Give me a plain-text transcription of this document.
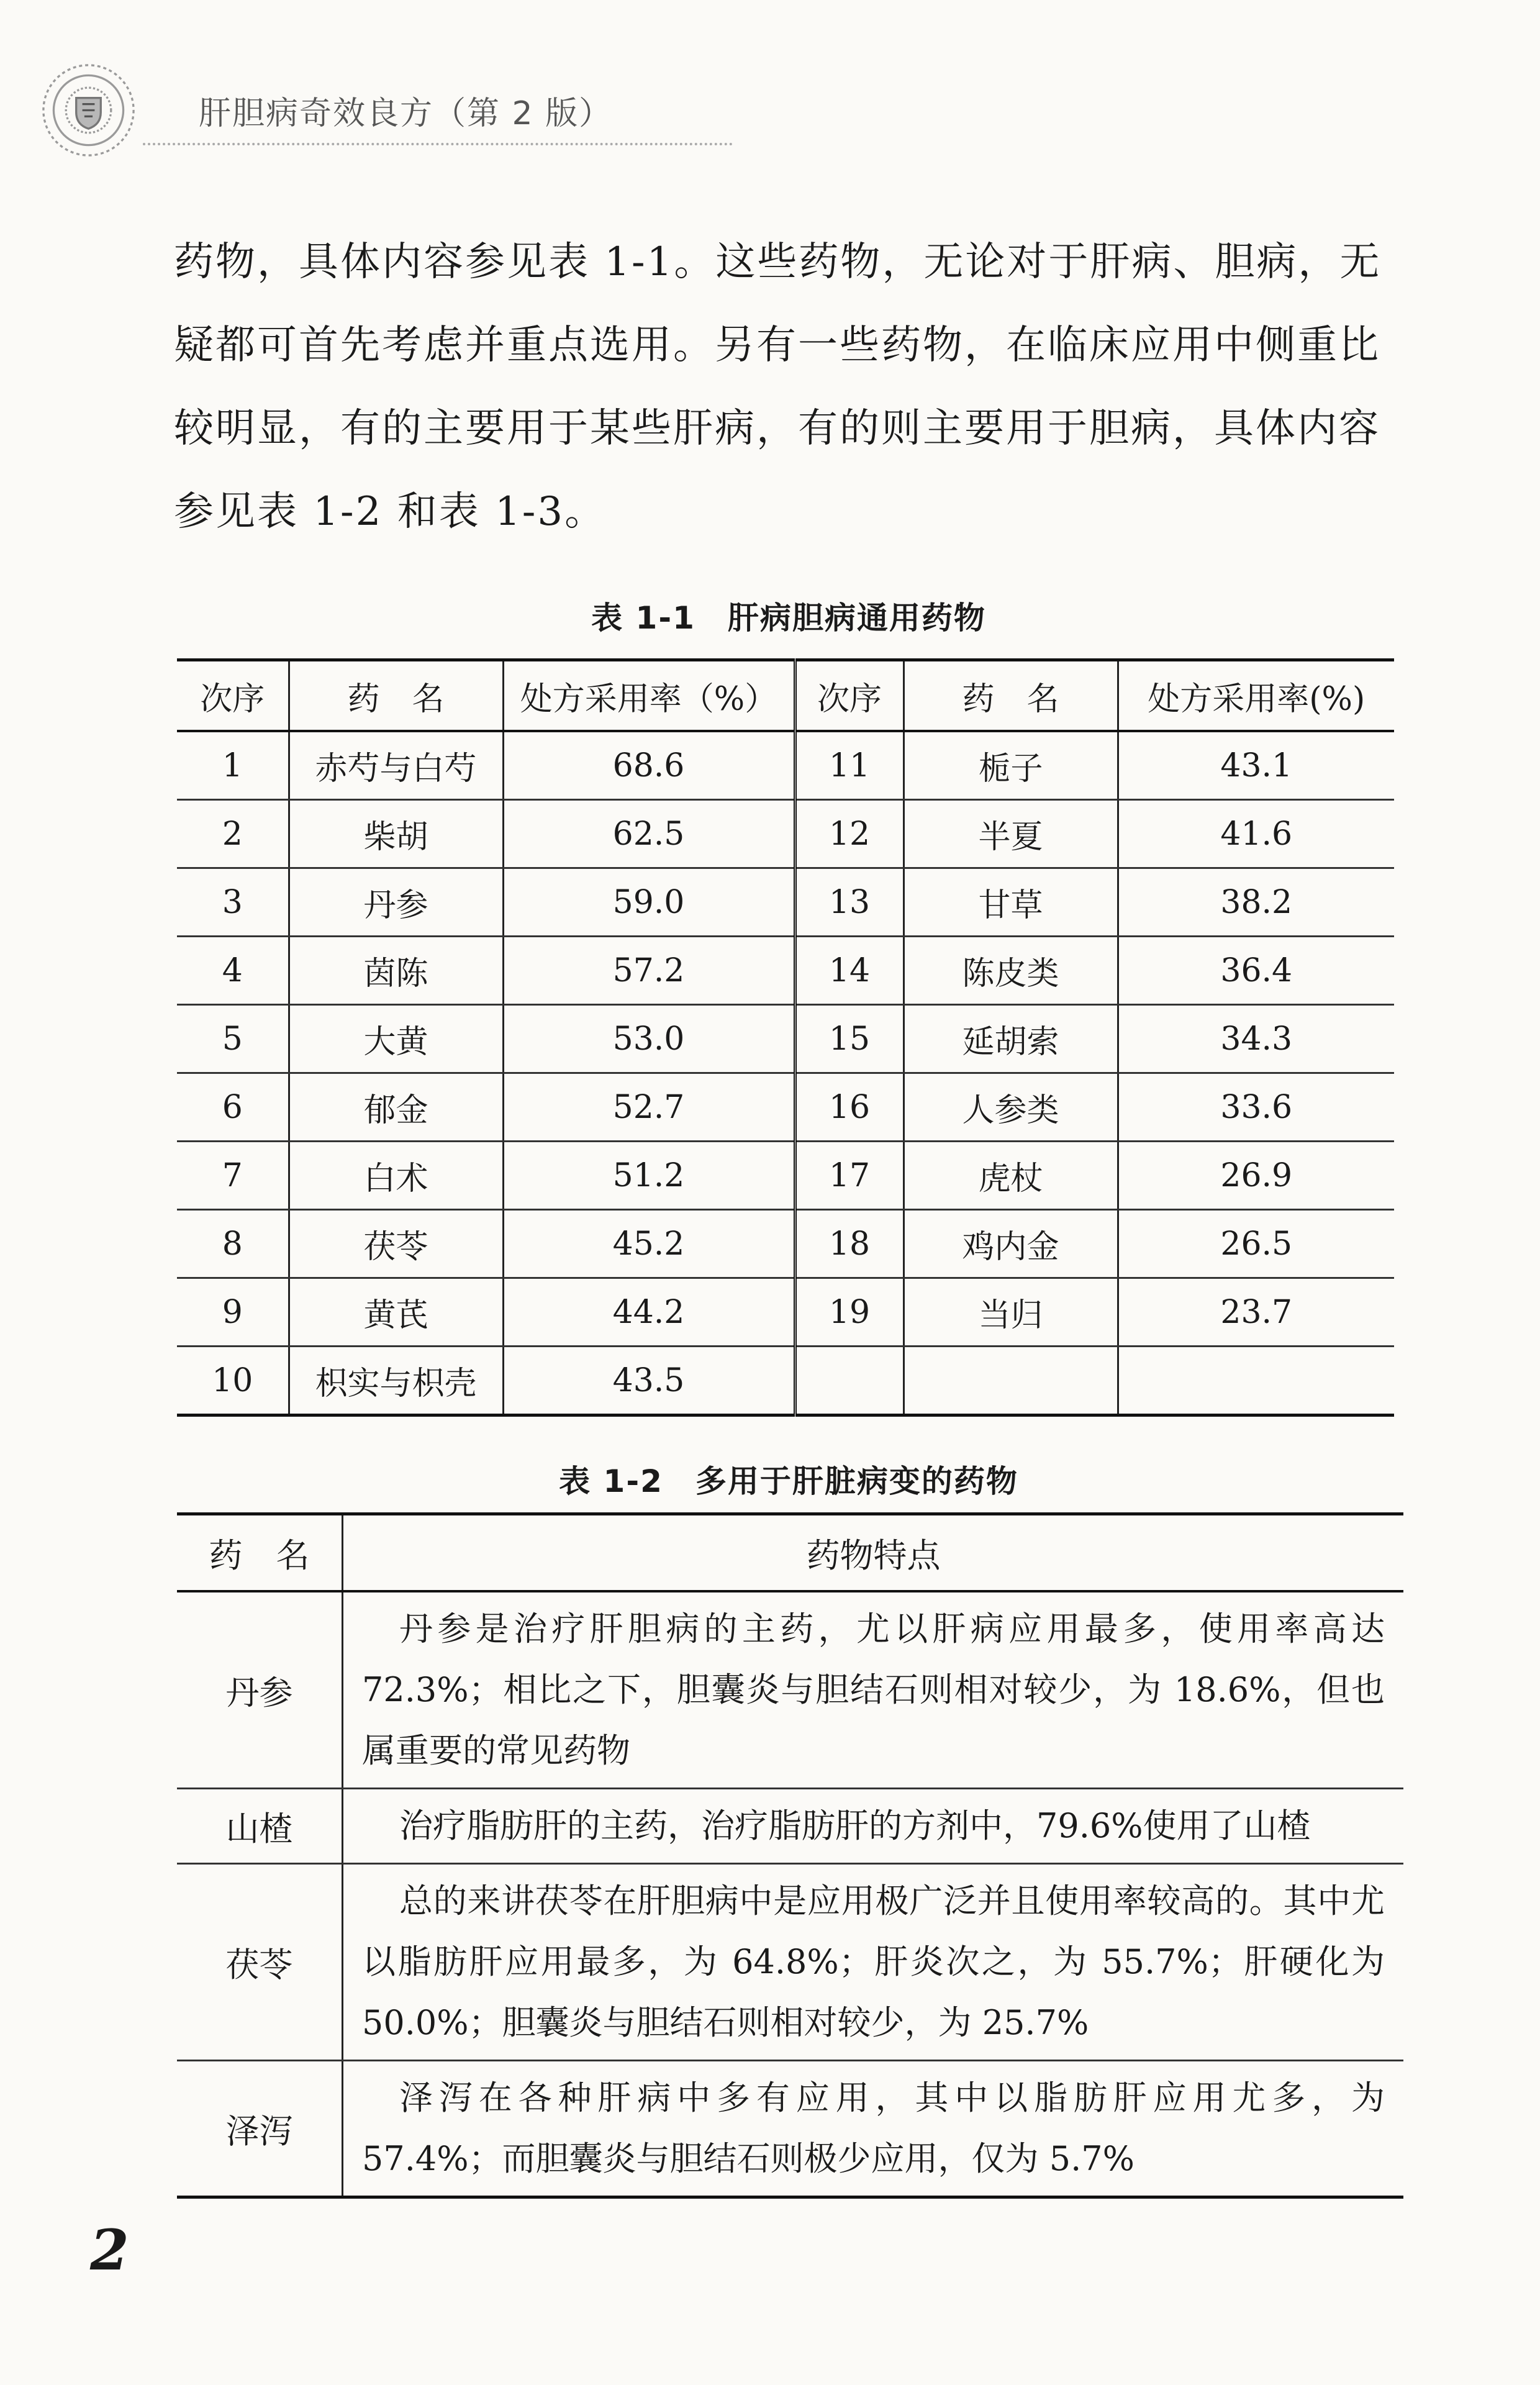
肝胆病奇效良方（第 2 版）

药物，具体内容参见表 1-1。这些药物，无论对于肝病、胆病，无疑都可首先考虑并重点选用。另有一些药物，在临床应用中侧重比较明显，有的主要用于某些肝病，有的则主要用于胆病，具体内容参见表 1-2 和表 1-3。

表 1-1　肝病胆病通用药物
次序	药　名	处方采用率（%）	次序	药　名	处方采用率(%)
1	赤芍与白芍	68.6	11	栀子	43.1
2	柴胡	62.5	12	半夏	41.6
3	丹参	59.0	13	甘草	38.2
4	茵陈	57.2	14	陈皮类	36.4
5	大黄	53.0	15	延胡索	34.3
6	郁金	52.7	16	人参类	33.6
7	白术	51.2	17	虎杖	26.9
8	茯苓	45.2	18	鸡内金	26.5
9	黄芪	44.2	19	当归	23.7
10	枳实与枳壳	43.5			
表 1-2　多用于肝脏病变的药物
药　名	药物特点
丹参	丹参是治疗肝胆病的主药，尤以肝病应用最多，使用率高达 72.3%；相比之下，胆囊炎与胆结石则相对较少，为 18.6%，但也属重要的常见药物
山楂	治疗脂肪肝的主药，治疗脂肪肝的方剂中，79.6%使用了山楂
茯苓	总的来讲茯苓在肝胆病中是应用极广泛并且使用率较高的。其中尤以脂肪肝应用最多，为 64.8%；肝炎次之，为 55.7%；肝硬化为 50.0%；胆囊炎与胆结石则相对较少，为 25.7%
泽泻	泽泻在各种肝病中多有应用，其中以脂肪肝应用尤多，为 57.4%；而胆囊炎与胆结石则极少应用，仅为 5.7%
2
